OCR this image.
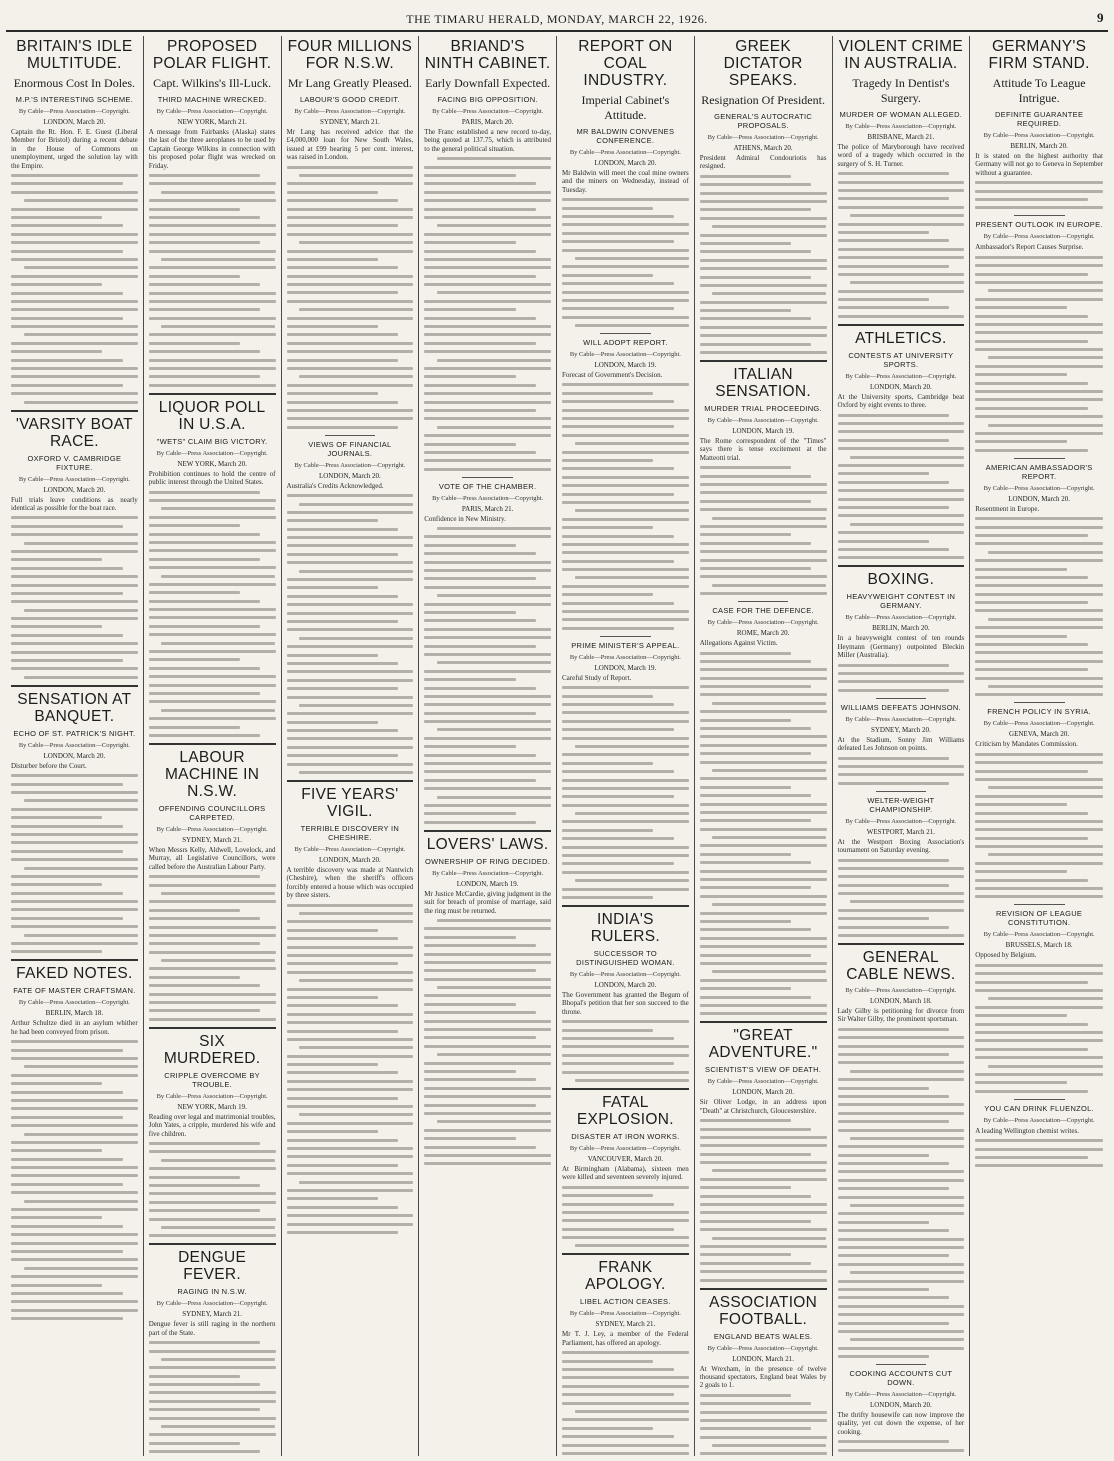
THE TIMARU HERALD, MONDAY, MARCH 22, 1926.	9
BRITAIN'S IDLE MULTITUDE.
Enormous Cost In Doles.
M.P.'S INTERESTING SCHEME.
By Cable—Press Association—Copyright.
LONDON, March 20.

Captain the Rt. Hon. F. E. Guest (Liberal Member for Bristol) during a recent debate in the House of Commons on unemployment, urged the solution lay with the Empire.

'VARSITY BOAT RACE.
OXFORD V. CAMBRIDGE FIXTURE.
By Cable—Press Association—Copyright.
LONDON, March 20.

Full trials leave conditions as nearly identical as possible for the boat race.

SENSATION AT BANQUET.
ECHO OF ST. PATRICK'S NIGHT.
By Cable—Press Association—Copyright.
LONDON, March 20.

Disturber before the Court.

FAKED NOTES.
FATE OF MASTER CRAFTSMAN.
By Cable—Press Association—Copyright.
BERLIN, March 18.

Arthur Schultze died in an asylum whither he had been conveyed from prison.

PROPOSED POLAR FLIGHT.
Capt. Wilkins's Ill-Luck.
THIRD MACHINE WRECKED.
By Cable—Press Association—Copyright.
NEW YORK, March 21.

A message from Fairbanks (Alaska) states the last of the three aeroplanes to be used by Captain George Wilkins in connection with his proposed polar flight was wrecked on Friday.

LIQUOR POLL IN U.S.A.
"WETS" CLAIM BIG VICTORY.
By Cable—Press Association—Copyright.
NEW YORK, March 20.

Prohibition continues to hold the centre of public interest through the United States.

LABOUR MACHINE IN N.S.W.
OFFENDING COUNCILLORS CARPETED.
By Cable—Press Association—Copyright.
SYDNEY, March 21.

When Messrs Kelly, Aldwell, Lovelock, and Murray, all Legislative Councillors, were called before the Australian Labour Party.

SIX MURDERED.
CRIPPLE OVERCOME BY TROUBLE.
By Cable—Press Association—Copyright.
NEW YORK, March 19.

Reading over legal and matrimonial troubles, John Yates, a cripple, murdered his wife and five children.

DENGUE FEVER.
RAGING IN N.S.W.
By Cable—Press Association—Copyright.
SYDNEY, March 21.

Dengue fever is still raging in the northern part of the State.

FOUR MILLIONS FOR N.S.W.
Mr Lang Greatly Pleased.
LABOUR'S GOOD CREDIT.
By Cable—Press Association—Copyright.
SYDNEY, March 21.

Mr Lang has received advice that the £4,000,000 loan for New South Wales, issued at £99 bearing 5 per cent. interest, was raised in London.

VIEWS OF FINANCIAL JOURNALS.
By Cable—Press Association—Copyright.
LONDON, March 20.

Australia's Credits Acknowledged.

FIVE YEARS' VIGIL.
TERRIBLE DISCOVERY IN CHESHIRE.
By Cable—Press Association—Copyright.
LONDON, March 20.

A terrible discovery was made at Nantwich (Cheshire), when the sheriff's officers forcibly entered a house which was occupied by three sisters.

BRIAND'S NINTH CABINET.
Early Downfall Expected.
FACING BIG OPPOSITION.
By Cable—Press Association—Copyright.
PARIS, March 20.

The Franc established a new record to-day, being quoted at 137.75, which is attributed to the general political situation.

VOTE OF THE CHAMBER.
By Cable—Press Association—Copyright.
PARIS, March 21.

Confidence in New Ministry.

LOVERS' LAWS.
OWNERSHIP OF RING DECIDED.
By Cable—Press Association—Copyright.
LONDON, March 19.

Mr Justice McCardie, giving judgment in the suit for breach of promise of marriage, said the ring must be returned.

REPORT ON COAL INDUSTRY.
Imperial Cabinet's Attitude.
MR BALDWIN CONVENES CONFERENCE.
By Cable—Press Association—Copyright.
LONDON, March 20.

Mr Baldwin will meet the coal mine owners and the miners on Wednesday, instead of Tuesday.

WILL ADOPT REPORT.
By Cable—Press Association—Copyright.
LONDON, March 19.

Forecast of Government's Decision.

PRIME MINISTER'S APPEAL.
By Cable—Press Association—Copyright.
LONDON, March 19.

Careful Study of Report.

INDIA'S RULERS.
SUCCESSOR TO DISTINGUISHED WOMAN.
By Cable—Press Association—Copyright.
LONDON, March 20.

The Government has granted the Begum of Bhopal's petition that her son succeed to the throne.

FATAL EXPLOSION.
DISASTER AT IRON WORKS.
By Cable—Press Association—Copyright.
VANCOUVER, March 20.

At Birmingham (Alabama), sixteen men were killed and seventeen severely injured.

FRANK APOLOGY.
LIBEL ACTION CEASES.
By Cable—Press Association—Copyright.
SYDNEY, March 21.

Mr T. J. Ley, a member of the Federal Parliament, has offered an apology.

GREEK DICTATOR SPEAKS.
Resignation Of President.
GENERAL'S AUTOCRATIC PROPOSALS.
By Cable—Press Association—Copyright.
ATHENS, March 20.

President Admiral Condouriotis has resigned.

ITALIAN SENSATION.
MURDER TRIAL PROCEEDING.
By Cable—Press Association—Copyright.
LONDON, March 19.

The Rome correspondent of the "Times" says there is tense excitement at the Matteotti trial.

CASE FOR THE DEFENCE.
By Cable—Press Association—Copyright.
ROME, March 20.

Allegations Against Victim.

"GREAT ADVENTURE."
SCIENTIST'S VIEW OF DEATH.
By Cable—Press Association—Copyright.
LONDON, March 20.

Sir Oliver Lodge, in an address upon "Death" at Christchurch, Gloucestershire.

ASSOCIATION FOOTBALL.
ENGLAND BEATS WALES.
By Cable—Press Association—Copyright.
LONDON, March 21.

At Wrexham, in the presence of twelve thousand spectators, England beat Wales by 2 goals to 1.

VIOLENT CRIME IN AUSTRALIA.
Tragedy In Dentist's Surgery.
MURDER OF WOMAN ALLEGED.
By Cable—Press Association—Copyright.
BRISBANE, March 21.

The police of Maryborough have received word of a tragedy which occurred in the surgery of S. H. Turner.

ATHLETICS.
CONTESTS AT UNIVERSITY SPORTS.
By Cable—Press Association—Copyright.
LONDON, March 20.

At the University sports, Cambridge beat Oxford by eight events to three.

BOXING.
HEAVYWEIGHT CONTEST IN GERMANY.
By Cable—Press Association—Copyright.
BERLIN, March 20.

In a heavyweight contest of ten rounds Heymann (Germany) outpointed Bleckin Miller (Australia).

WILLIAMS DEFEATS JOHNSON.
By Cable—Press Association—Copyright.
SYDNEY, March 20.

At the Stadium, Sonny Jim Williams defeated Les Johnson on points.

WELTER-WEIGHT CHAMPIONSHIP.
By Cable—Press Association—Copyright.
WESTPORT, March 21.

At the Westport Boxing Association's tournament on Saturday evening.

GENERAL CABLE NEWS.
By Cable—Press Association—Copyright.
LONDON, March 18.

Lady Gilby is petitioning for divorce from Sir Walter Gilby, the prominent sportsman.

COOKING ACCOUNTS CUT DOWN.
By Cable—Press Association—Copyright.
LONDON, March 20.

The thrifty housewife can now improve the quality, yet cut down the expense, of her cooking.

GERMANY'S FIRM STAND.
Attitude To League Intrigue.
DEFINITE GUARANTEE REQUIRED.
By Cable—Press Association—Copyright.
BERLIN, March 20.

It is stated on the highest authority that Germany will not go to Geneva in September without a guarantee.

PRESENT OUTLOOK IN EUROPE.
By Cable—Press Association—Copyright.

Ambassador's Report Causes Surprise.

AMERICAN AMBASSADOR'S REPORT.
By Cable—Press Association—Copyright.
LONDON, March 20.

Resentment in Europe.

FRENCH POLICY IN SYRIA.
By Cable—Press Association—Copyright.
GENEVA, March 20.

Criticism by Mandates Commission.

REVISION OF LEAGUE CONSTITUTION.
By Cable—Press Association—Copyright.
BRUSSELS, March 18.

Opposed by Belgium.

YOU CAN DRINK FLUENZOL.
By Cable—Press Association—Copyright.

A leading Wellington chemist writes.
